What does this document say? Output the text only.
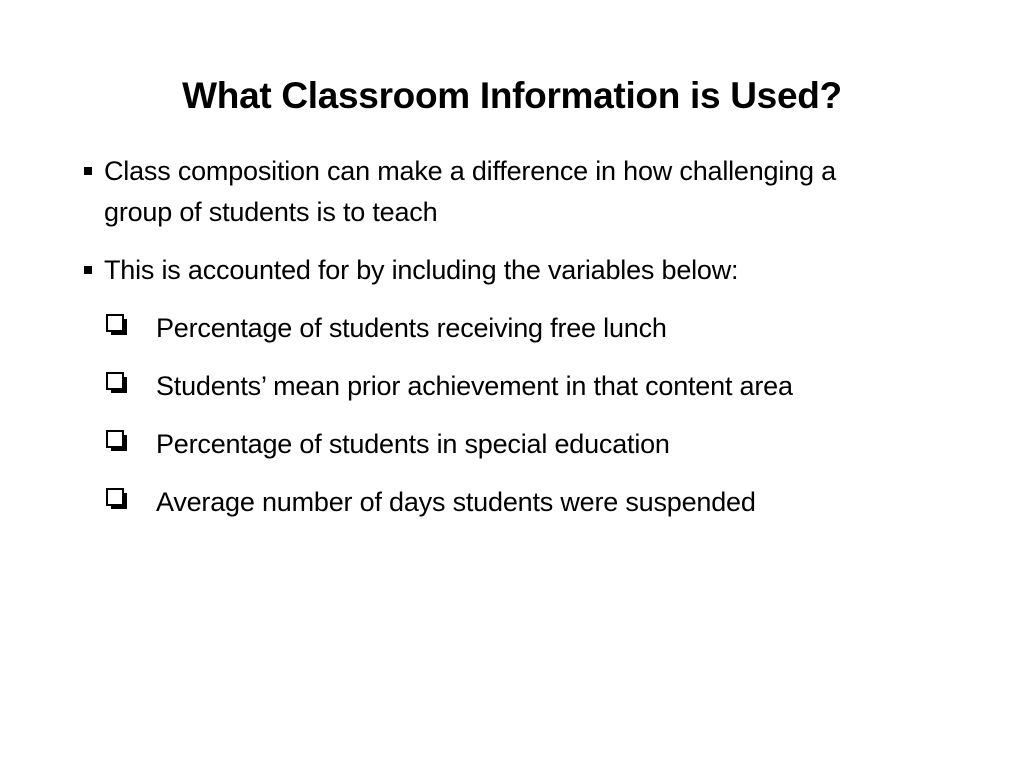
What Classroom Information is Used?
Class composition can make a difference in how challenging a
group of students is to teach
This is accounted for by including the variables below:
Percentage of students receiving free lunch
Students’ mean prior achievement in that content area
Percentage of students in special education
Average number of days students were suspended
